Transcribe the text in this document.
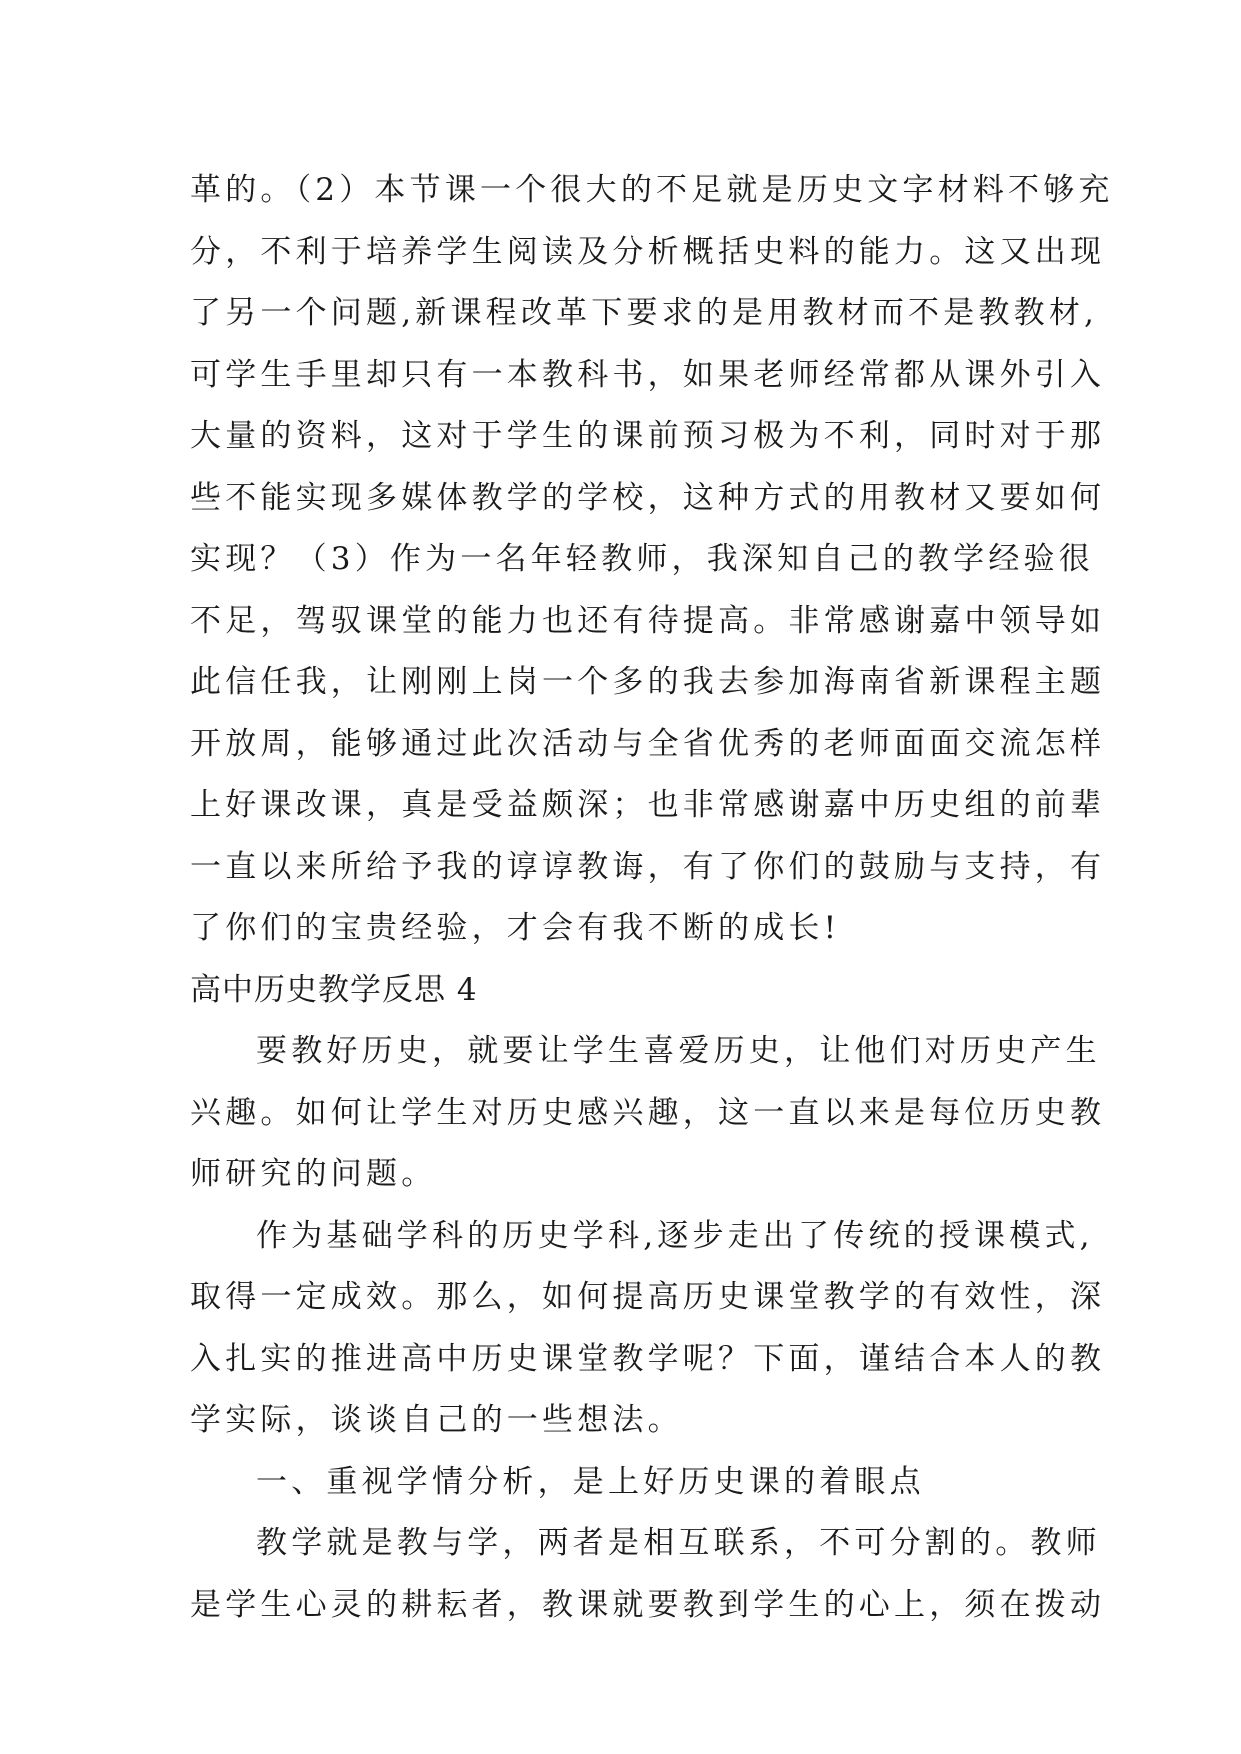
革的。（2）本节课一个很大的不足就是历史文字材料不够充
分，不利于培养学生阅读及分析概括史料的能力。这又出现
了另一个问题,新课程改革下要求的是用教材而不是教教材,
可学生手里却只有一本教科书，如果老师经常都从课外引入
大量的资料，这对于学生的课前预习极为不利，同时对于那
些不能实现多媒体教学的学校，这种方式的用教材又要如何
实现？（3）作为一名年轻教师，我深知自己的教学经验很
不足，驾驭课堂的能力也还有待提高。非常感谢嘉中领导如
此信任我，让刚刚上岗一个多的我去参加海南省新课程主题
开放周，能够通过此次活动与全省优秀的老师面面交流怎样
上好课改课，真是受益颇深；也非常感谢嘉中历史组的前辈
一直以来所给予我的谆谆教诲，有了你们的鼓励与支持，有
了你们的宝贵经验，才会有我不断的成长!
高中历史教学反思 4
要教好历史，就要让学生喜爱历史，让他们对历史产生
兴趣。如何让学生对历史感兴趣，这一直以来是每位历史教
师研究的问题。
作为基础学科的历史学科,逐步走出了传统的授课模式,
取得一定成效。那么，如何提高历史课堂教学的有效性，深
入扎实的推进高中历史课堂教学呢？下面，谨结合本人的教
学实际，谈谈自己的一些想法。
一、重视学情分析，是上好历史课的着眼点
教学就是教与学，两者是相互联系，不可分割的。教师
是学生心灵的耕耘者，教课就要教到学生的心上，须在拨动
